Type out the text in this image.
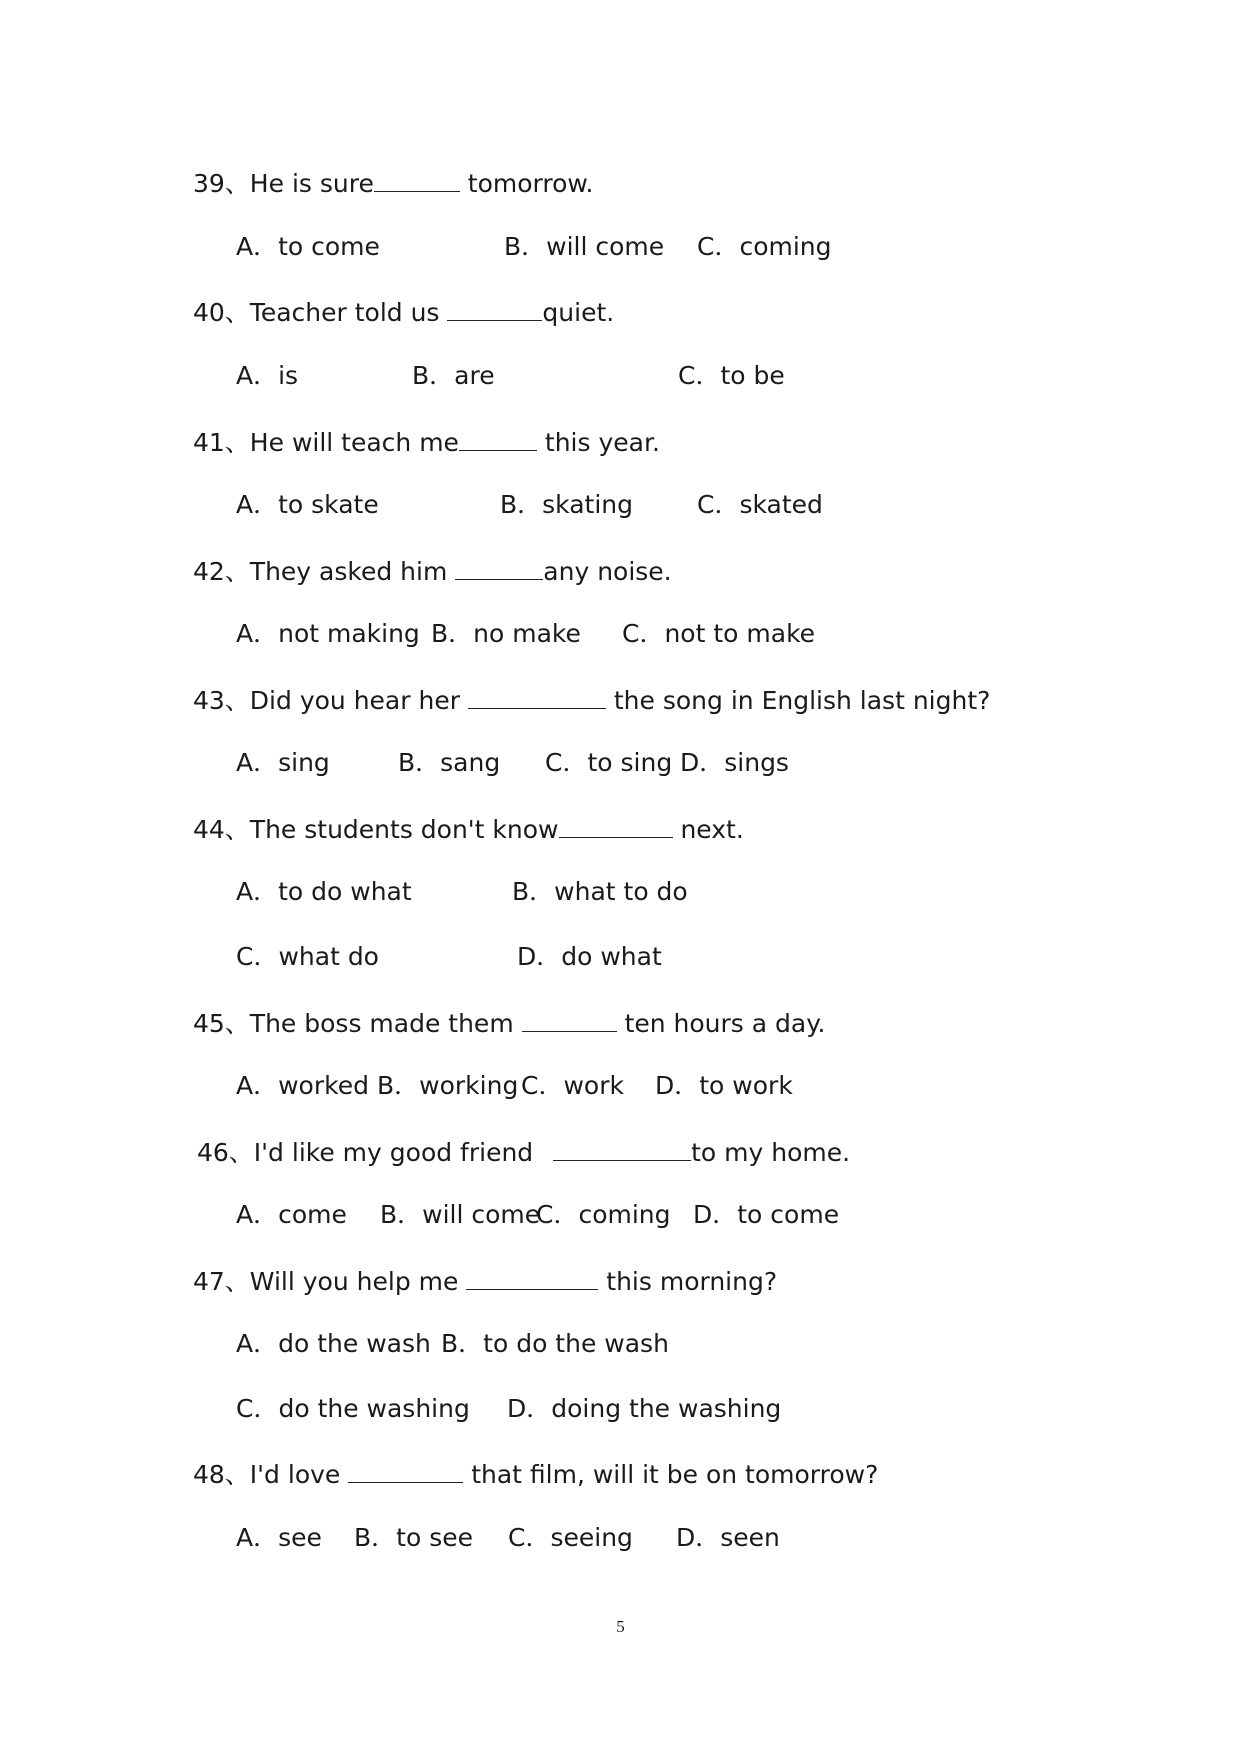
39、He is sure	tomorrow.
A．to come	B．will come C．coming
40、Teacher told us	quiet.
A．is	B．are	C．to be
41、He will teach me	this year.
A．to skate	B．skating	C．skated
42、They asked him	any noise.
A．not making B．no make C．not to make
43、Did you hear her	the song in English last night?
A．sing	B．sang C．to sing D．sings
44、The students don't know	next.
A．to do what	B．what to do
C．what do	D．do what
45、The boss made them	ten hours a day.
A．worked B．working C．work D．to work
46、I'd like my good friend	to my home.
A．come B．will come
C．coming D．to come
47、Will you help me	this morning?
A．do the wash B．to do the wash
C．do the washing D．doing the washing
48、I'd love	that film, will it be on tomorrow?
A．see B．to see C．seeing D．seen
5
